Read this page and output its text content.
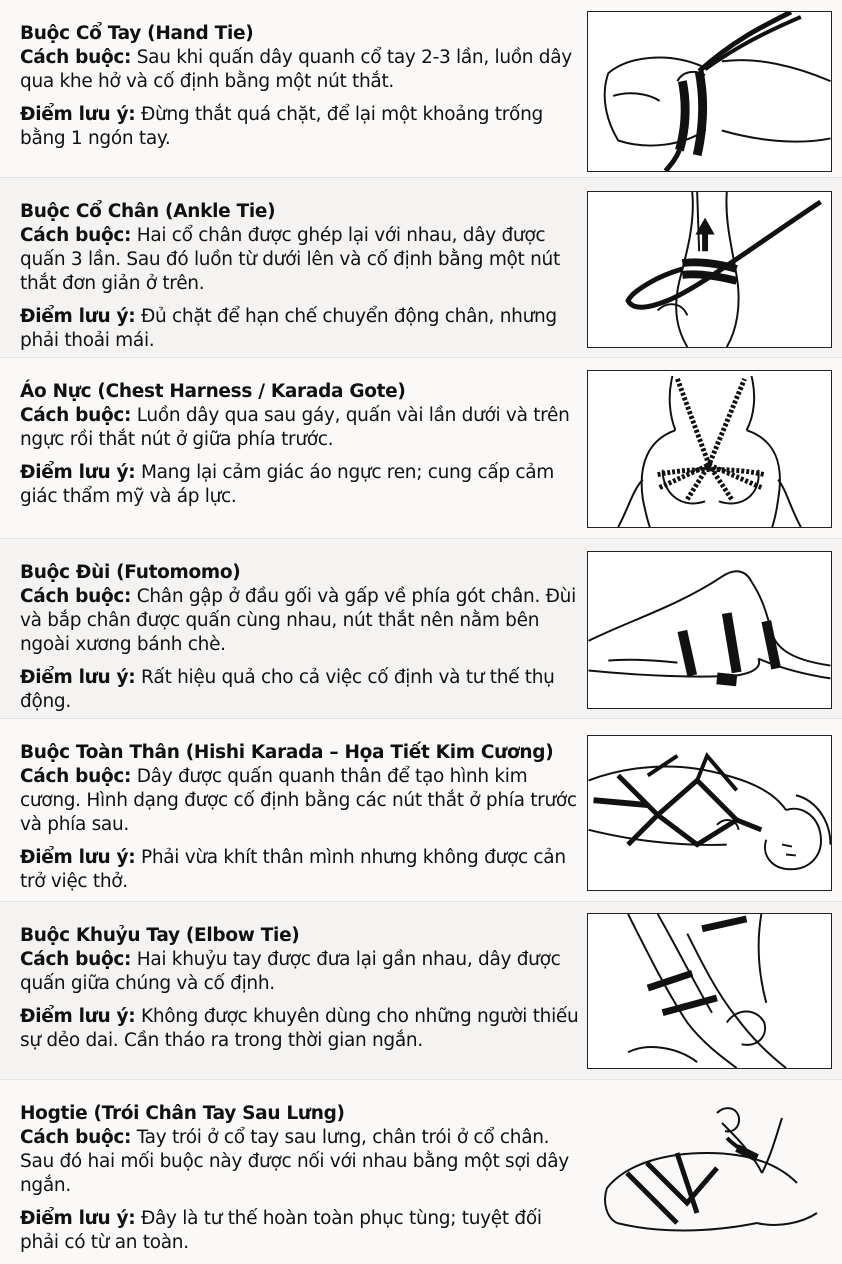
Buộc Cổ Tay (Hand Tie)
Cách buộc: Sau khi quấn dây quanh cổ tay 2-3 lần, luồn dây qua khe hở và cố định bằng một nút thắt.
Điểm lưu ý: Đừng thắt quá chặt, để lại một khoảng trống bằng 1 ngón tay.
Buộc Cổ Chân (Ankle Tie)
Cách buộc: Hai cổ chân được ghép lại với nhau, dây được quấn 3 lần. Sau đó luồn từ dưới lên và cố định bằng một nút thắt đơn giản ở trên.
Điểm lưu ý: Đủ chặt để hạn chế chuyển động chân, nhưng phải thoải mái.
Áo Nực (Chest Harness / Karada Gote)
Cách buộc: Luồn dây qua sau gáy, quấn vài lần dưới và trên ngực rồi thắt nút ở giữa phía trước.
Điểm lưu ý: Mang lại cảm giác áo ngực ren; cung cấp cảm giác thẩm mỹ và áp lực.
Buộc Đùi (Futomomo)
Cách buộc: Chân gập ở đầu gối và gấp về phía gót chân. Đùi và bắp chân được quấn cùng nhau, nút thắt nên nằm bên ngoài xương bánh chè.
Điểm lưu ý: Rất hiệu quả cho cả việc cố định và tư thế thụ động.
Buộc Toàn Thân (Hishi Karada – Họa Tiết Kim Cương)
Cách buộc: Dây được quấn quanh thân để tạo hình kim cương. Hình dạng được cố định bằng các nút thắt ở phía trước và phía sau.
Điểm lưu ý: Phải vừa khít thân mình nhưng không được cản trở việc thở.
Buộc Khuỷu Tay (Elbow Tie)
Cách buộc: Hai khuỷu tay được đưa lại gần nhau, dây được quấn giữa chúng và cố định.
Điểm lưu ý: Không được khuyên dùng cho những người thiếu sự dẻo dai. Cần tháo ra trong thời gian ngắn.
Hogtie (Trói Chân Tay Sau Lưng)
Cách buộc: Tay trói ở cổ tay sau lưng, chân trói ở cổ chân. Sau đó hai mối buộc này được nối với nhau bằng một sợi dây ngắn.
Điểm lưu ý: Đây là tư thế hoàn toàn phục tùng; tuyệt đối phải có từ an toàn.
